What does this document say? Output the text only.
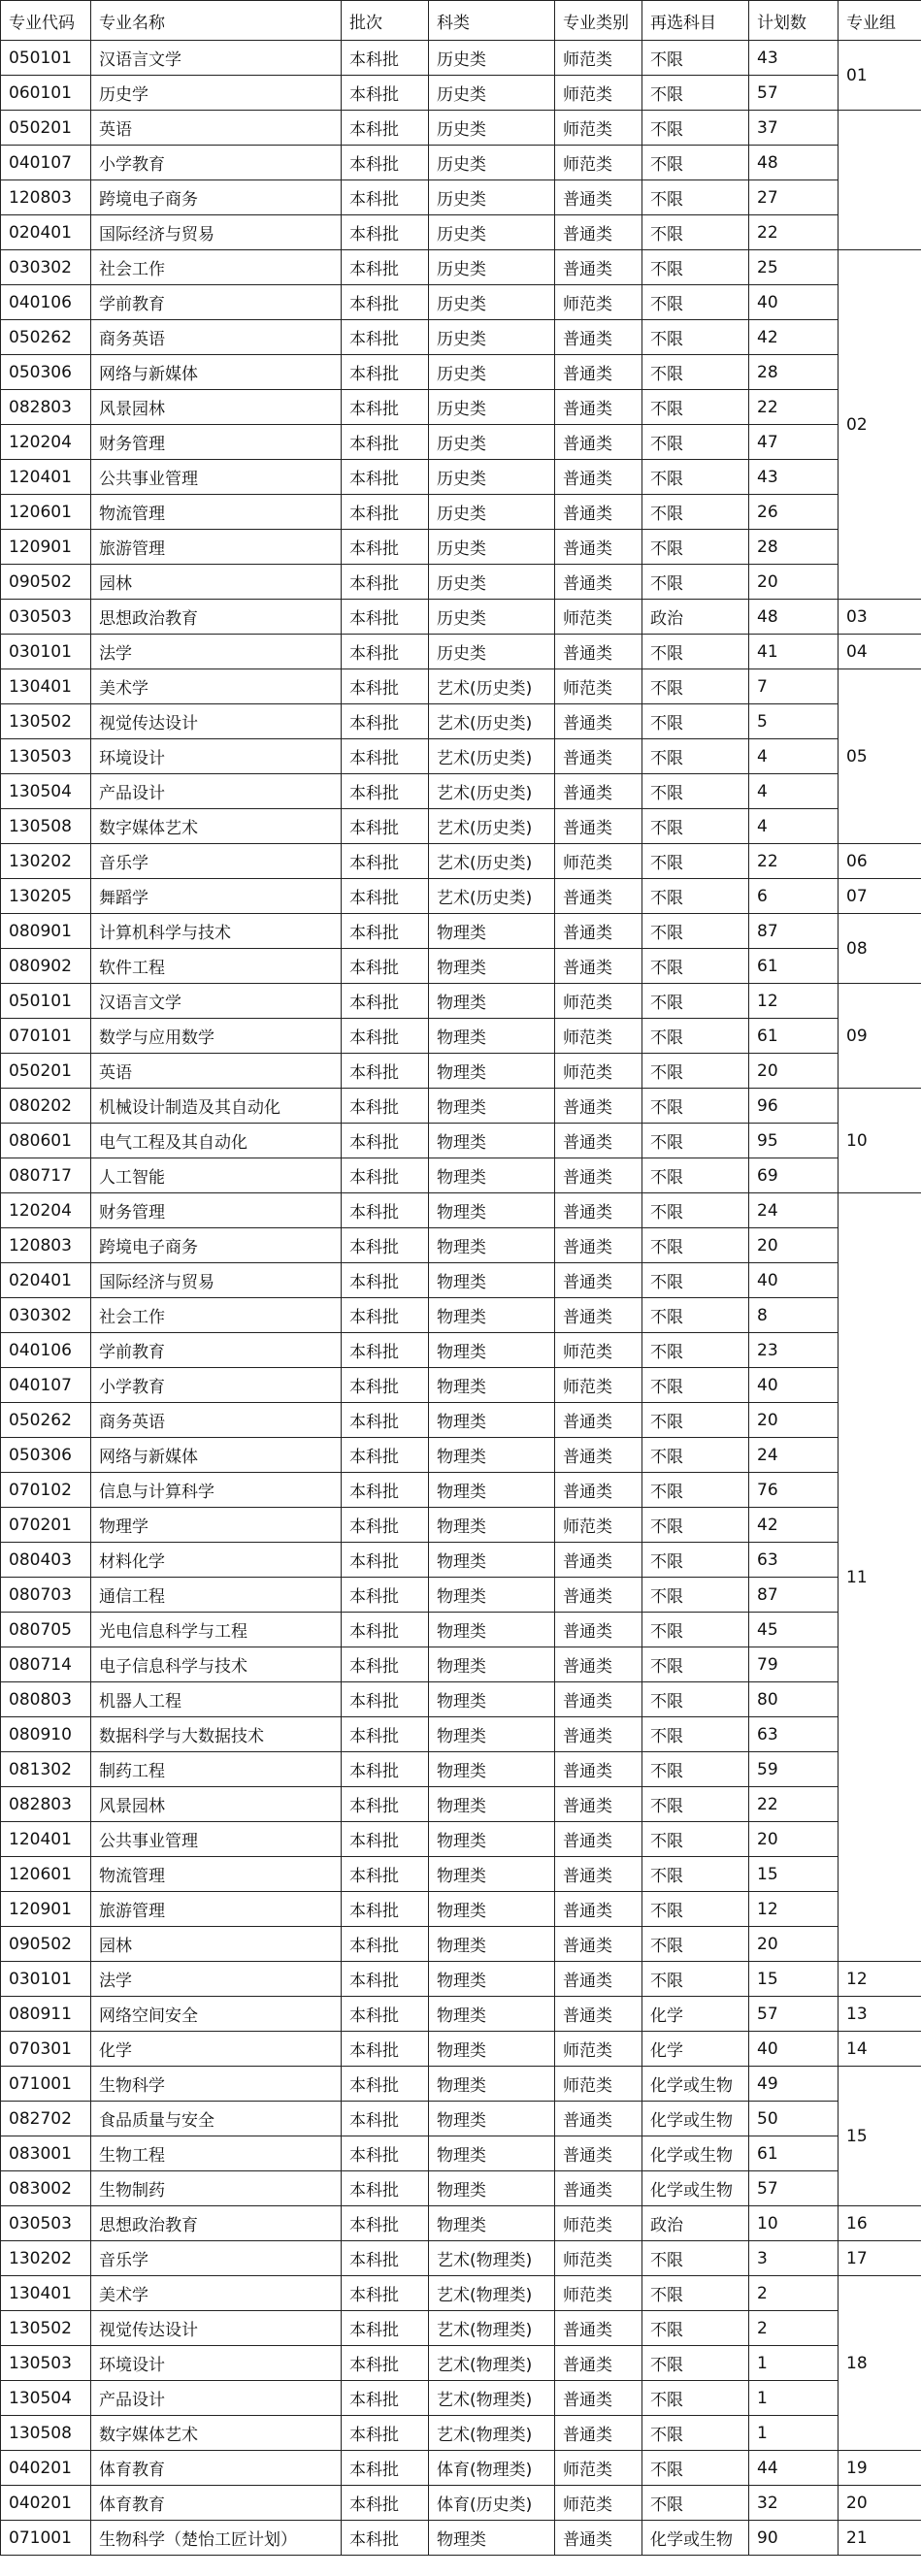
专业代码	专业名称	批次	科类	专业类别	再选科目	计划数	专业组
050101	汉语言文学	本科批	历史类	师范类	不限	43	01
060101	历史学	本科批	历史类	师范类	不限	57	
050201	英语	本科批	历史类	师范类	不限	37	
040107	小学教育	本科批	历史类	师范类	不限	48	
120803	跨境电子商务	本科批	历史类	普通类	不限	27	
020401	国际经济与贸易	本科批	历史类	普通类	不限	22	
030302	社会工作	本科批	历史类	普通类	不限	25	02
040106	学前教育	本科批	历史类	师范类	不限	40	
050262	商务英语	本科批	历史类	普通类	不限	42	
050306	网络与新媒体	本科批	历史类	普通类	不限	28	
082803	风景园林	本科批	历史类	普通类	不限	22	
120204	财务管理	本科批	历史类	普通类	不限	47	
120401	公共事业管理	本科批	历史类	普通类	不限	43	
120601	物流管理	本科批	历史类	普通类	不限	26	
120901	旅游管理	本科批	历史类	普通类	不限	28	
090502	园林	本科批	历史类	普通类	不限	20	
030503	思想政治教育	本科批	历史类	师范类	政治	48	03
030101	法学	本科批	历史类	普通类	不限	41	04
130401	美术学	本科批	艺术(历史类)	师范类	不限	7	05
130502	视觉传达设计	本科批	艺术(历史类)	普通类	不限	5	
130503	环境设计	本科批	艺术(历史类)	普通类	不限	4	
130504	产品设计	本科批	艺术(历史类)	普通类	不限	4	
130508	数字媒体艺术	本科批	艺术(历史类)	普通类	不限	4	
130202	音乐学	本科批	艺术(历史类)	师范类	不限	22	06
130205	舞蹈学	本科批	艺术(历史类)	普通类	不限	6	07
080901	计算机科学与技术	本科批	物理类	普通类	不限	87	08
080902	软件工程	本科批	物理类	普通类	不限	61	
050101	汉语言文学	本科批	物理类	师范类	不限	12	09
070101	数学与应用数学	本科批	物理类	师范类	不限	61	
050201	英语	本科批	物理类	师范类	不限	20	
080202	机械设计制造及其自动化	本科批	物理类	普通类	不限	96	10
080601	电气工程及其自动化	本科批	物理类	普通类	不限	95	
080717	人工智能	本科批	物理类	普通类	不限	69	
120204	财务管理	本科批	物理类	普通类	不限	24	11
120803	跨境电子商务	本科批	物理类	普通类	不限	20	
020401	国际经济与贸易	本科批	物理类	普通类	不限	40	
030302	社会工作	本科批	物理类	普通类	不限	8	
040106	学前教育	本科批	物理类	师范类	不限	23	
040107	小学教育	本科批	物理类	师范类	不限	40	
050262	商务英语	本科批	物理类	普通类	不限	20	
050306	网络与新媒体	本科批	物理类	普通类	不限	24	
070102	信息与计算科学	本科批	物理类	普通类	不限	76	
070201	物理学	本科批	物理类	师范类	不限	42	
080403	材料化学	本科批	物理类	普通类	不限	63	
080703	通信工程	本科批	物理类	普通类	不限	87	
080705	光电信息科学与工程	本科批	物理类	普通类	不限	45	
080714	电子信息科学与技术	本科批	物理类	普通类	不限	79	
080803	机器人工程	本科批	物理类	普通类	不限	80	
080910	数据科学与大数据技术	本科批	物理类	普通类	不限	63	
081302	制药工程	本科批	物理类	普通类	不限	59	
082803	风景园林	本科批	物理类	普通类	不限	22	
120401	公共事业管理	本科批	物理类	普通类	不限	20	
120601	物流管理	本科批	物理类	普通类	不限	15	
120901	旅游管理	本科批	物理类	普通类	不限	12	
090502	园林	本科批	物理类	普通类	不限	20	
030101	法学	本科批	物理类	普通类	不限	15	12
080911	网络空间安全	本科批	物理类	普通类	化学	57	13
070301	化学	本科批	物理类	师范类	化学	40	14
071001	生物科学	本科批	物理类	师范类	化学或生物	49	15
082702	食品质量与安全	本科批	物理类	普通类	化学或生物	50	
083001	生物工程	本科批	物理类	普通类	化学或生物	61	
083002	生物制药	本科批	物理类	普通类	化学或生物	57	
030503	思想政治教育	本科批	物理类	师范类	政治	10	16
130202	音乐学	本科批	艺术(物理类)	师范类	不限	3	17
130401	美术学	本科批	艺术(物理类)	师范类	不限	2	18
130502	视觉传达设计	本科批	艺术(物理类)	普通类	不限	2	
130503	环境设计	本科批	艺术(物理类)	普通类	不限	1	
130504	产品设计	本科批	艺术(物理类)	普通类	不限	1	
130508	数字媒体艺术	本科批	艺术(物理类)	普通类	不限	1	
040201	体育教育	本科批	体育(物理类)	师范类	不限	44	19
040201	体育教育	本科批	体育(历史类)	师范类	不限	32	20
071001	生物科学（楚怡工匠计划）	本科批	物理类	普通类	化学或生物	90	21
